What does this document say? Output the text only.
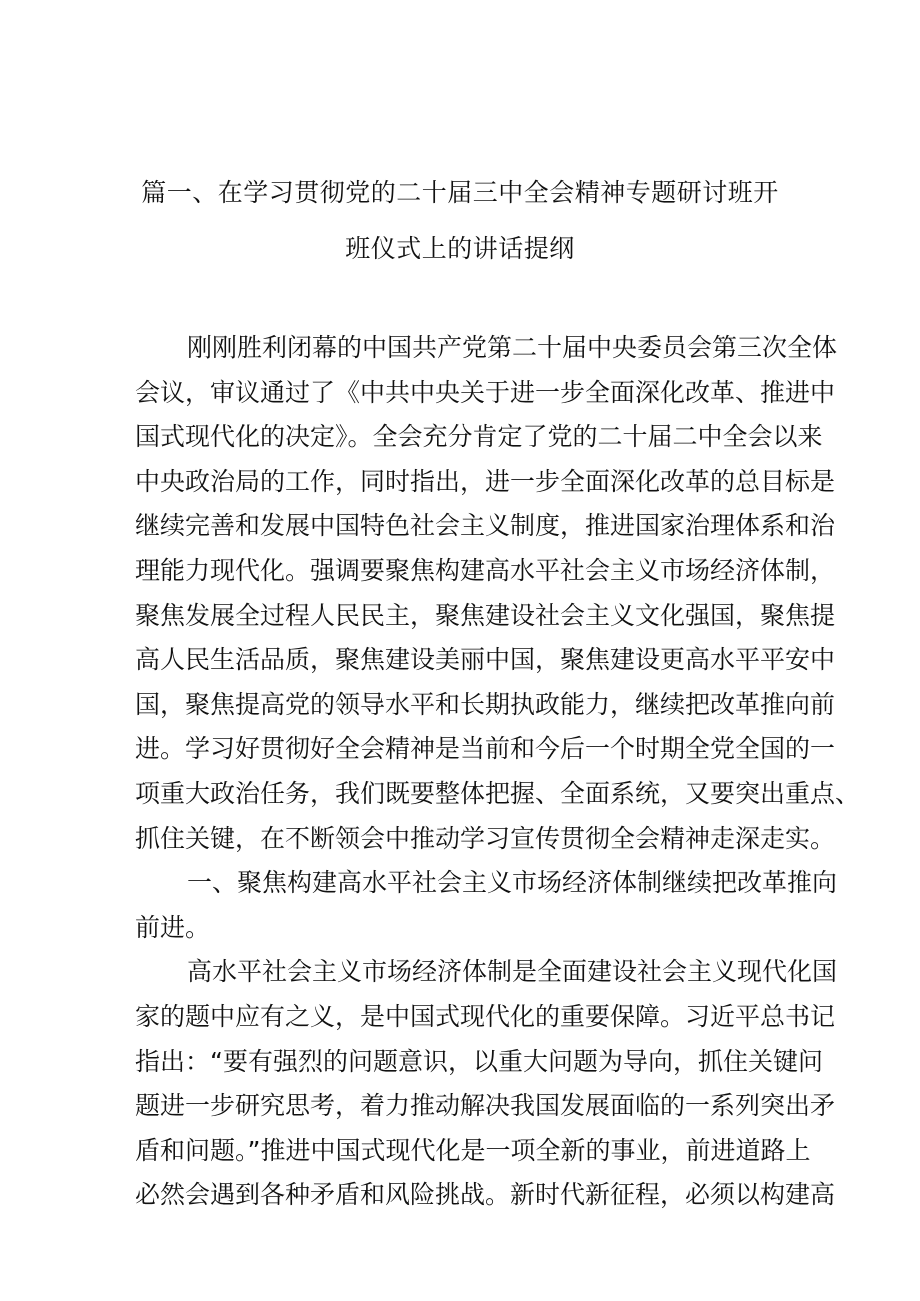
篇一、在学习贯彻党的二十届三中全会精神专题研讨班开
班仪式上的讲话提纲
刚刚胜利闭幕的中国共产党第二十届中央委员会第三次全体
会议，审议通过了《中共中央关于进一步全面深化改革、推进中
国式现代化的决定》。全会充分肯定了党的二十届二中全会以来
中央政治局的工作，同时指出，进一步全面深化改革的总目标是
继续完善和发展中国特色社会主义制度，推进国家治理体系和治
理能力现代化。强调要聚焦构建高水平社会主义市场经济体制，
聚焦发展全过程人民民主，聚焦建设社会主义文化强国，聚焦提
高人民生活品质，聚焦建设美丽中国，聚焦建设更高水平平安中
国，聚焦提高党的领导水平和长期执政能力，继续把改革推向前
进。学习好贯彻好全会精神是当前和今后一个时期全党全国的一
项重大政治任务，我们既要整体把握、全面系统，又要突出重点、
抓住关键，在不断领会中推动学习宣传贯彻全会精神走深走实。
一、聚焦构建高水平社会主义市场经济体制继续把改革推向
前进。
高水平社会主义市场经济体制是全面建设社会主义现代化国
家的题中应有之义，是中国式现代化的重要保障。习近平总书记
指出：“要有强烈的问题意识，以重大问题为导向，抓住关键问
题进一步研究思考，着力推动解决我国发展面临的一系列突出矛
盾和问题。”推进中国式现代化是一项全新的事业，前进道路上
必然会遇到各种矛盾和风险挑战。新时代新征程，必须以构建高
